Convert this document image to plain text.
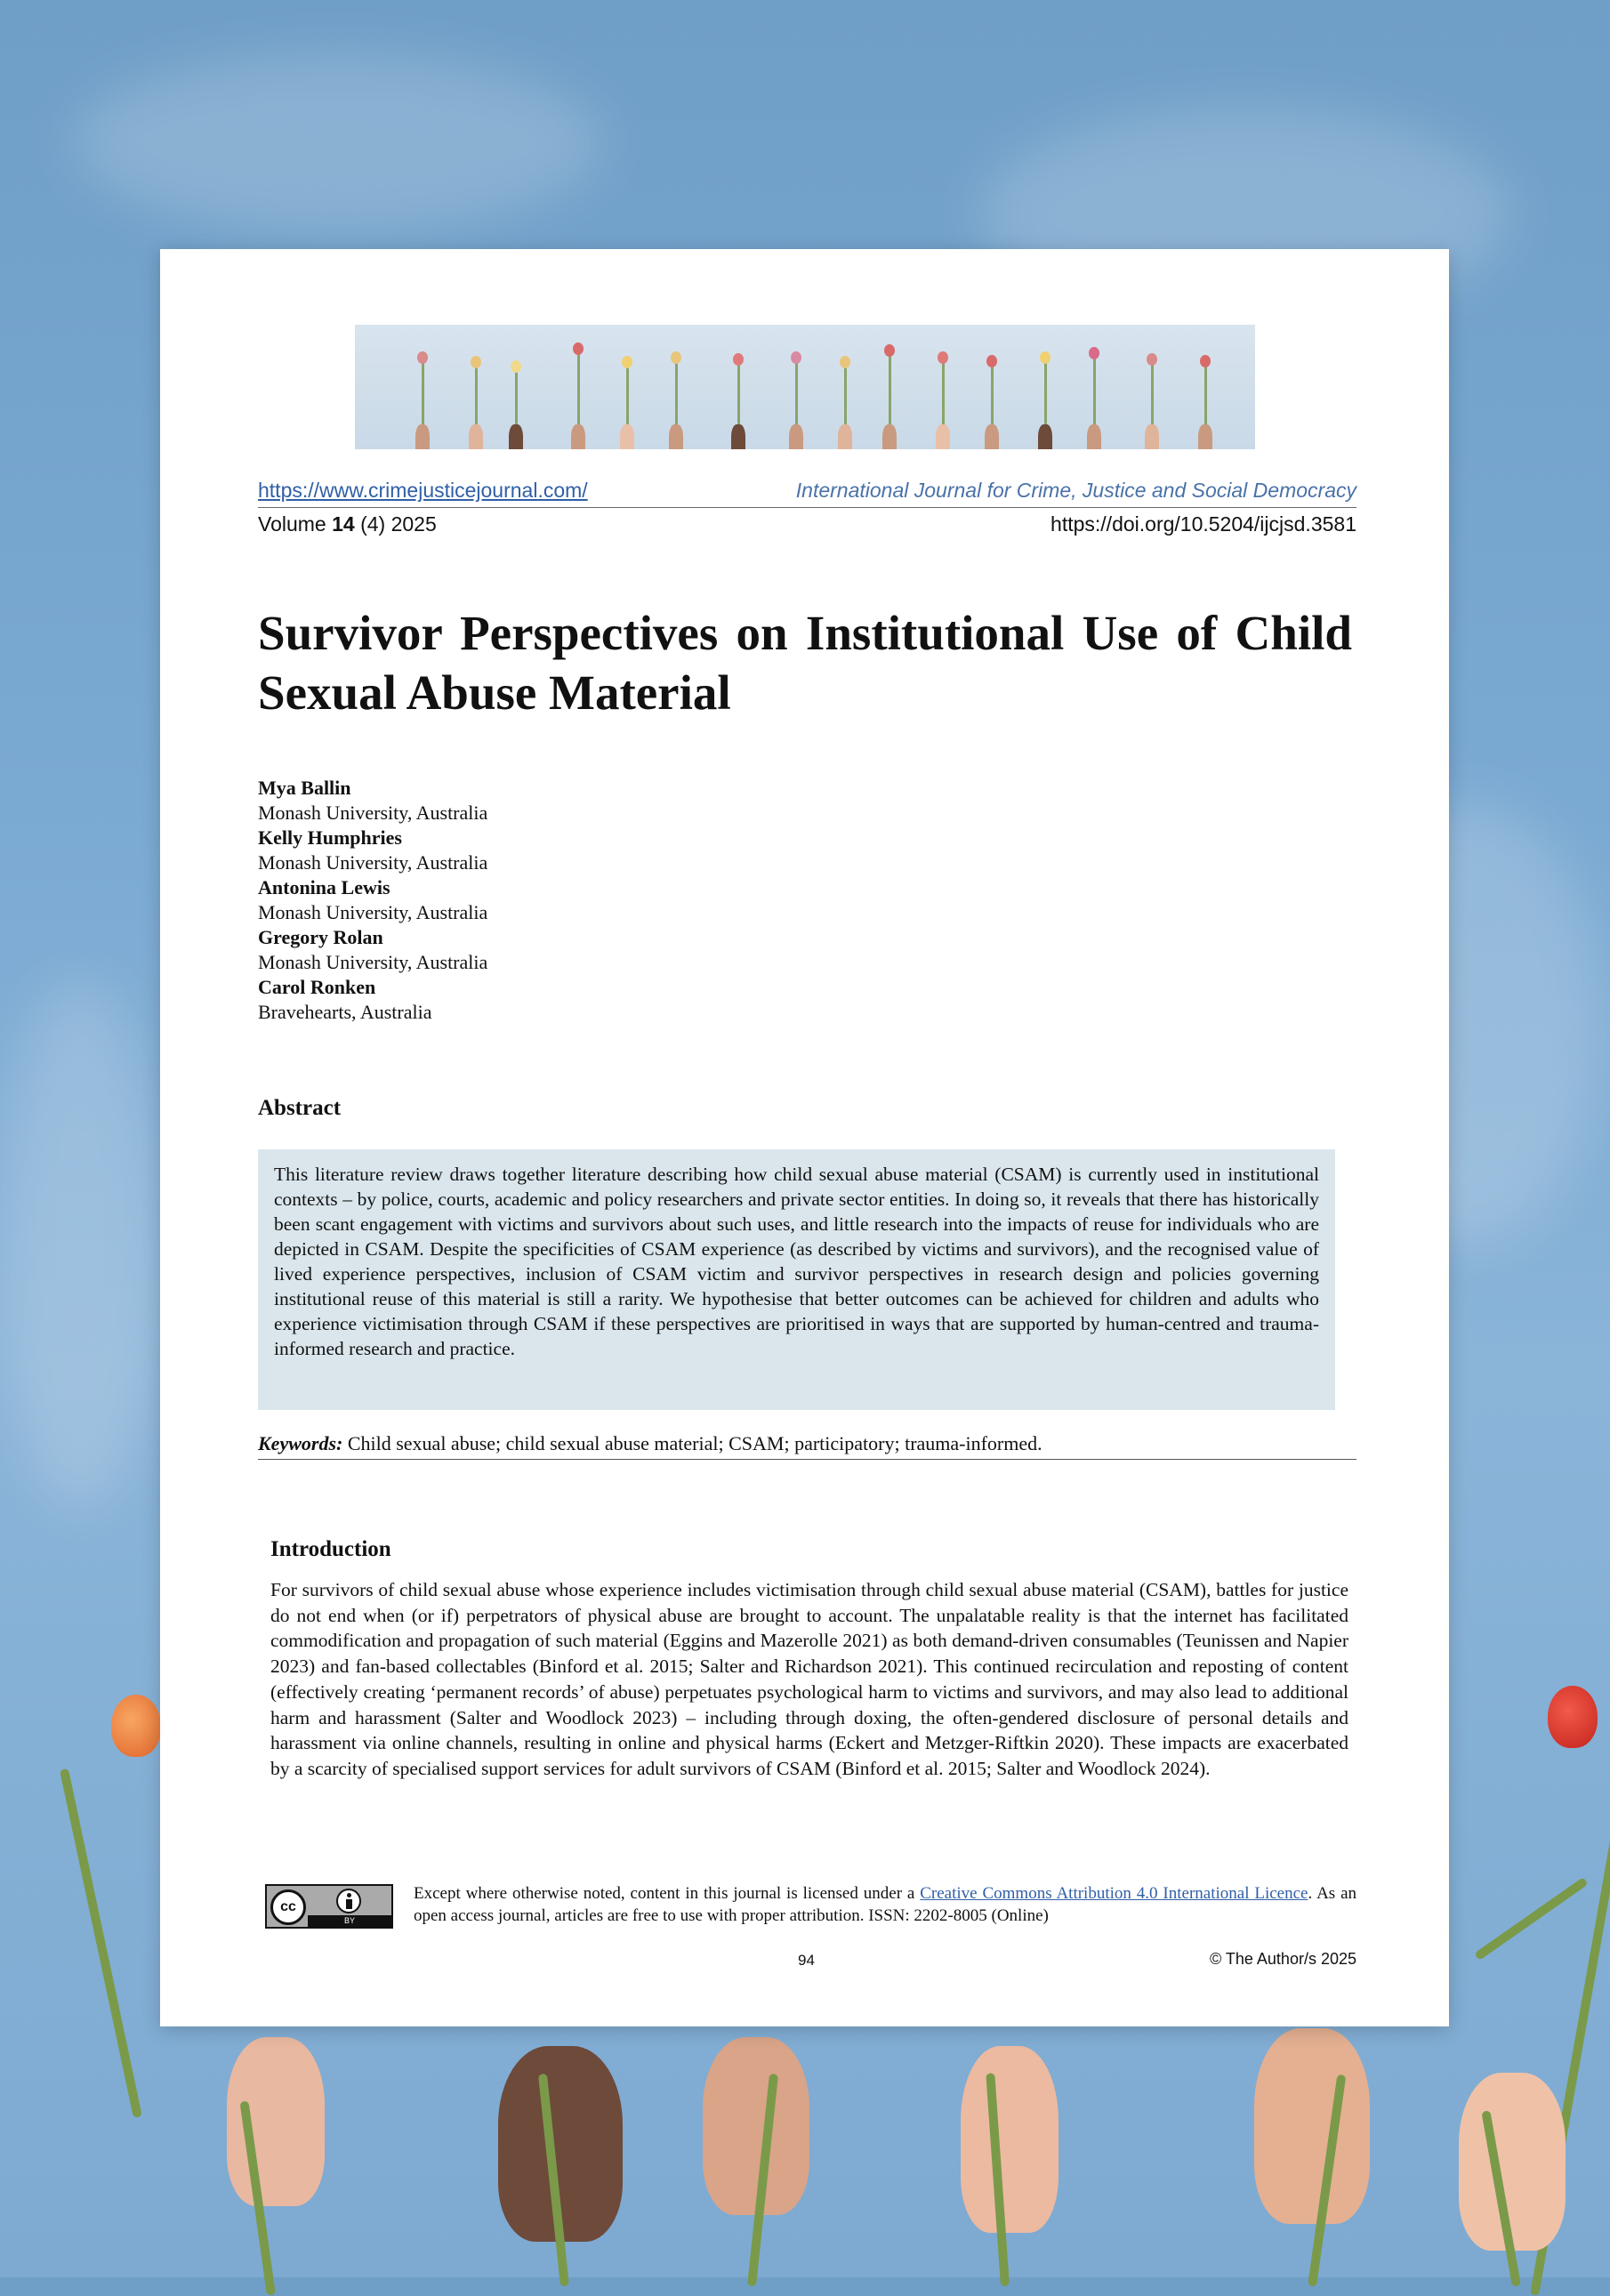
https://www.crimejusticejournal.com/	International Journal for Crime, Justice and Social Democracy
Volume 14 (4) 2025	https://doi.org/10.5204/ijcjsd.3581
Survivor Perspectives on Institutional Use of Child Sexual Abuse Material
Mya Ballin
Monash University, Australia
Kelly Humphries
Monash University, Australia
Antonina Lewis
Monash University, Australia
Gregory Rolan
Monash University, Australia
Carol Ronken
Bravehearts, Australia
Abstract
This literature review draws together literature describing how child sexual abuse material (CSAM) is currently used in institutional contexts – by police, courts, academic and policy researchers and private sector entities. In doing so, it reveals that there has historically been scant engagement with victims and survivors about such uses, and little research into the impacts of reuse for individuals who are depicted in CSAM. Despite the specificities of CSAM experience (as described by victims and survivors), and the recognised value of lived experience perspectives, inclusion of CSAM victim and survivor perspectives in research design and policies governing institutional reuse of this material is still a rarity. We hypothesise that better outcomes can be achieved for children and adults who experience victimisation through CSAM if these perspectives are prioritised in ways that are supported by human-centred and trauma-informed research and practice.
Keywords: Child sexual abuse; child sexual abuse material; CSAM; participatory; trauma-informed.
Introduction
For survivors of child sexual abuse whose experience includes victimisation through child sexual abuse material (CSAM), battles for justice do not end when (or if) perpetrators of physical abuse are brought to account. The unpalatable reality is that the internet has facilitated commodification and propagation of such material (Eggins and Mazerolle 2021) as both demand-driven consumables (Teunissen and Napier 2023) and fan-based collectables (Binford et al. 2015; Salter and Richardson 2021). This continued recirculation and reposting of content (effectively creating ‘permanent records’ of abuse) perpetuates psychological harm to victims and survivors, and may also lead to additional harm and harassment (Salter and Woodlock 2023) – including through doxing, the often-gendered disclosure of personal details and harassment via online channels, resulting in online and physical harms (Eckert and Metzger-Riftkin 2020). These impacts are exacerbated by a scarcity of specialised support services for adult survivors of CSAM (Binford et al. 2015; Salter and Woodlock 2024).
cc
BY
Except where otherwise noted, content in this journal is licensed under a Creative Commons Attribution 4.0 International Licence. As an open access journal, articles are free to use with proper attribution. ISSN: 2202-8005 (Online)
94	© The Author/s 2025
